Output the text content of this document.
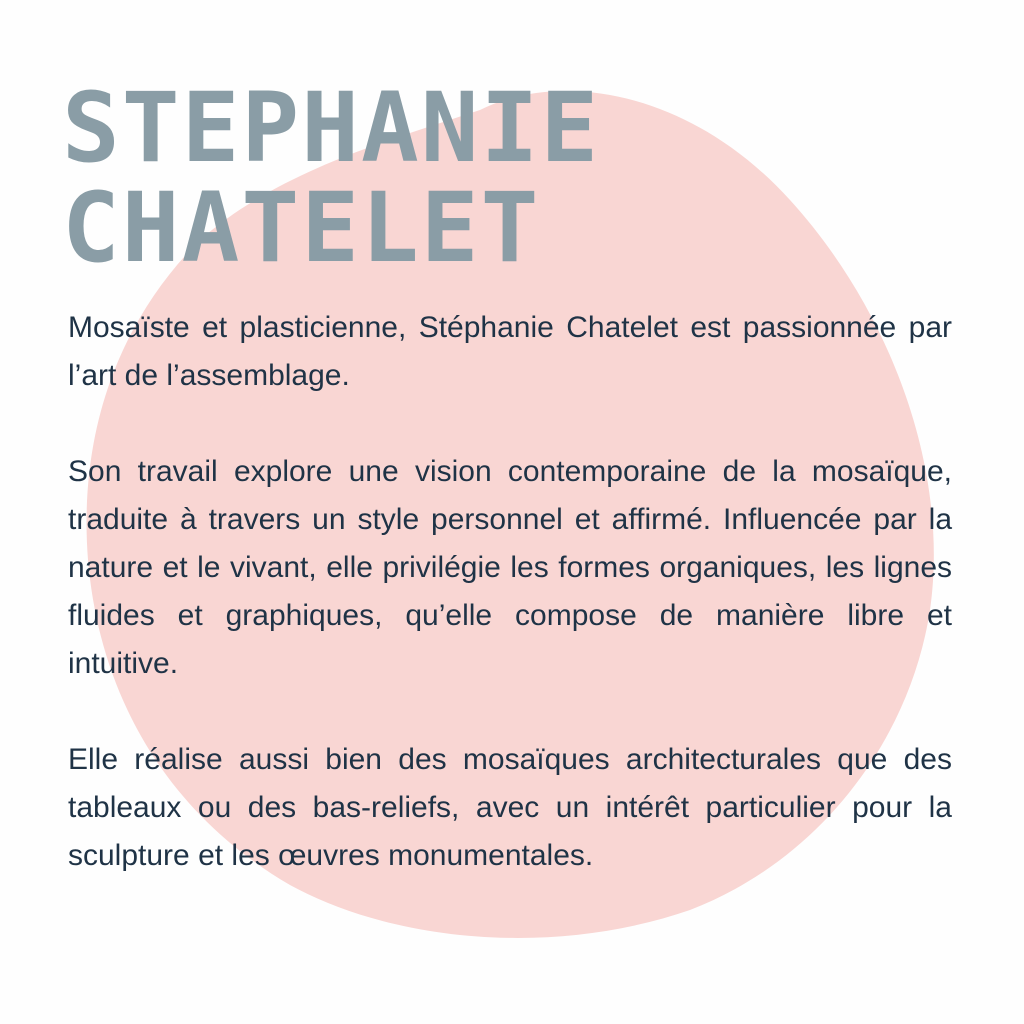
STEPHANIE
CHATELET

Mosaïste et plasticienne, Stéphanie Chatelet est passionnée par l’art de l’assemblage.

Son travail explore une vision contemporaine de la mosaïque, traduite à travers un style personnel et affirmé. Influencée par la nature et le vivant, elle privilégie les formes organiques, les lignes fluides et graphiques, qu’elle compose de manière libre et intuitive.

Elle réalise aussi bien des mosaïques architecturales que des tableaux ou des bas-reliefs, avec un intérêt particulier pour la sculpture et les œuvres monumentales.
